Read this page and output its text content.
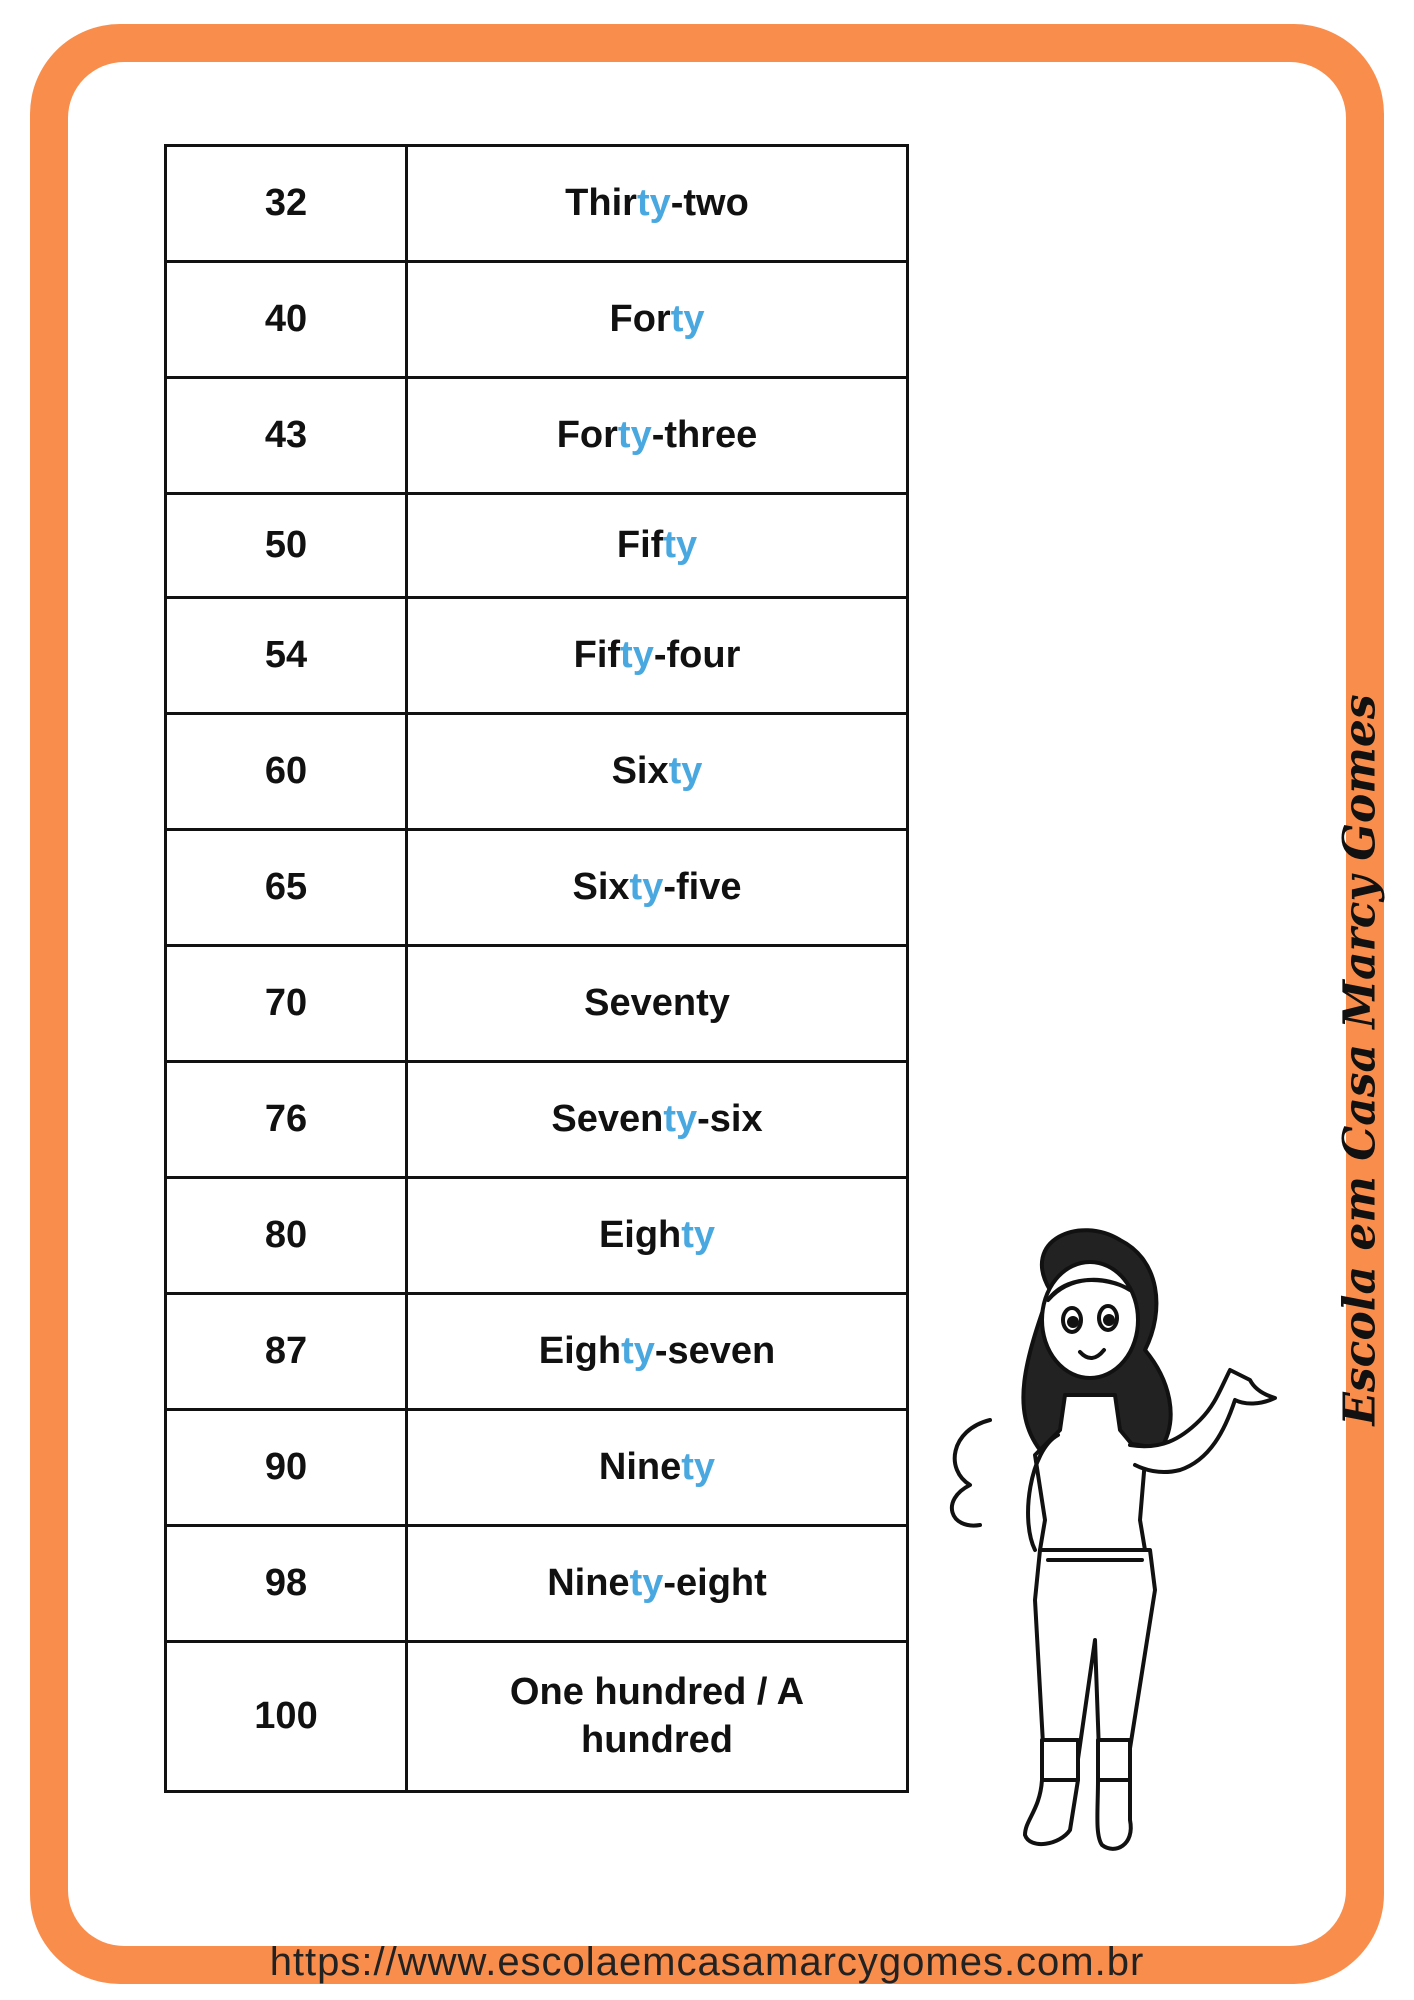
32	Thirty-two
40	Forty
43	Forty-three
50	Fifty
54	Fifty-four
60	Sixty
65	Sixty-five
70	Seventy
76	Seventy-six
80	Eighty
87	Eighty-seven
90	Ninety
98	Ninety-eight
100	One hundred / A hundred
Escola em Casa Marcy Gomes
https://www.escolaemcasamarcygomes.com.br
